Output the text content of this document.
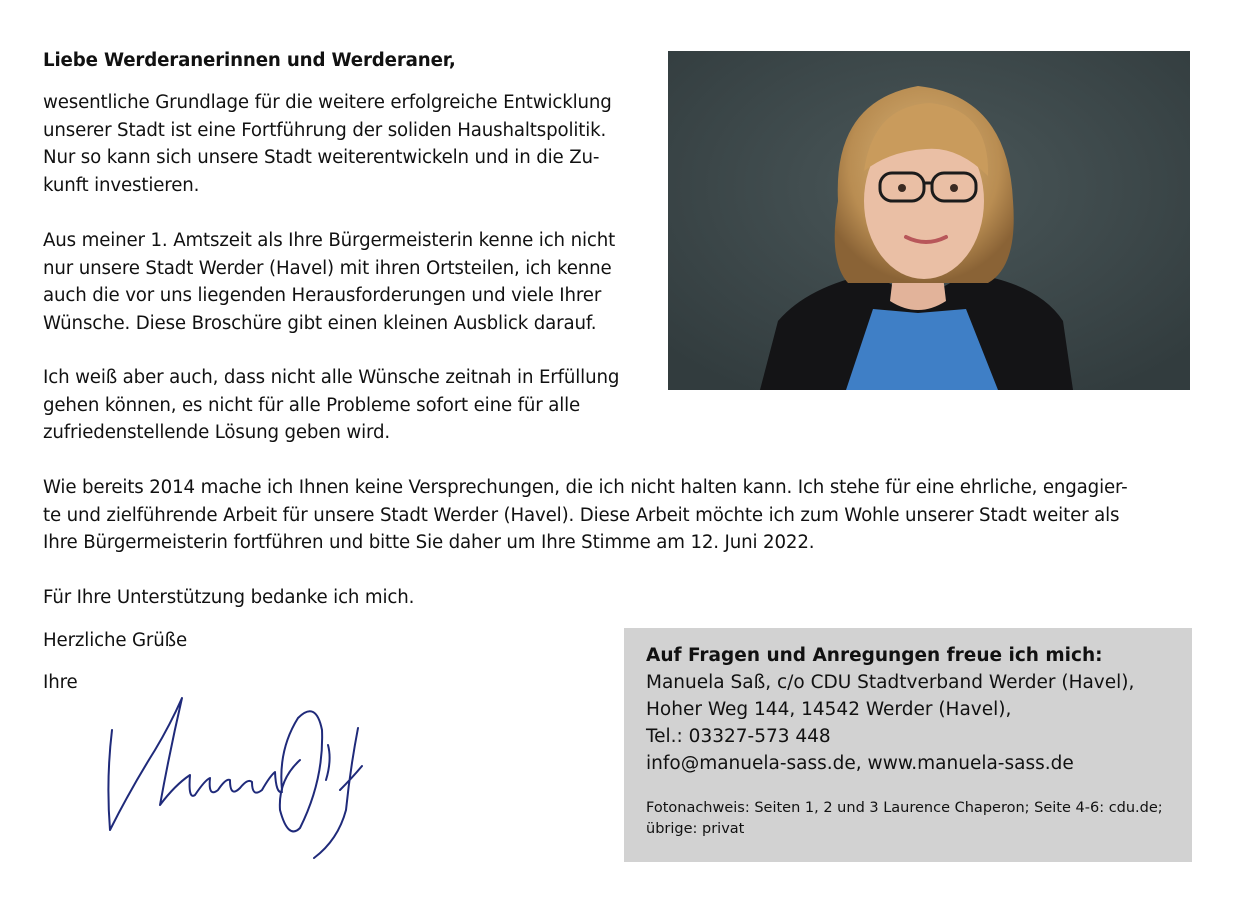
Liebe Werderanerinnen und Werderaner,

wesentliche Grundlage für die weitere erfolgreiche Entwicklung
unserer Stadt ist eine Fortführung der soliden Haushaltspolitik.
Nur so kann sich unsere Stadt weiterentwickeln und in die Zu-
kunft investieren.

Aus meiner 1. Amtszeit als Ihre Bürgermeisterin kenne ich nicht
nur unsere Stadt Werder (Havel) mit ihren Ortsteilen, ich kenne
auch die vor uns liegenden Herausforderungen und viele Ihrer
Wünsche. Diese Broschüre gibt einen kleinen Ausblick darauf.

Ich weiß aber auch, dass nicht alle Wünsche zeitnah in Erfüllung
gehen können, es nicht für alle Probleme sofort eine für alle
zufriedenstellende Lösung geben wird.

Wie bereits 2014 mache ich Ihnen keine Versprechungen, die ich nicht halten kann. Ich stehe für eine ehrliche, engagier-
te und zielführende Arbeit für unsere Stadt Werder (Havel). Diese Arbeit möchte ich zum Wohle unserer Stadt weiter als
Ihre Bürgermeisterin fortführen und bitte Sie daher um Ihre Stimme am 12. Juni 2022.

Für Ihre Unterstützung bedanke ich mich.

Herzliche Grüße

Ihre

Auf Fragen und Anregungen freue ich mich:

Manuela Saß, c/o CDU Stadtverband Werder (Havel),

Hoher Weg 144, 14542 Werder (Havel),

Tel.: 03327-573 448

info@manuela-sass.de, www.manuela-sass.de

Fotonachweis: Seiten 1, 2 und 3 Laurence Chaperon; Seite 4-6: cdu.de;
übrige: privat
